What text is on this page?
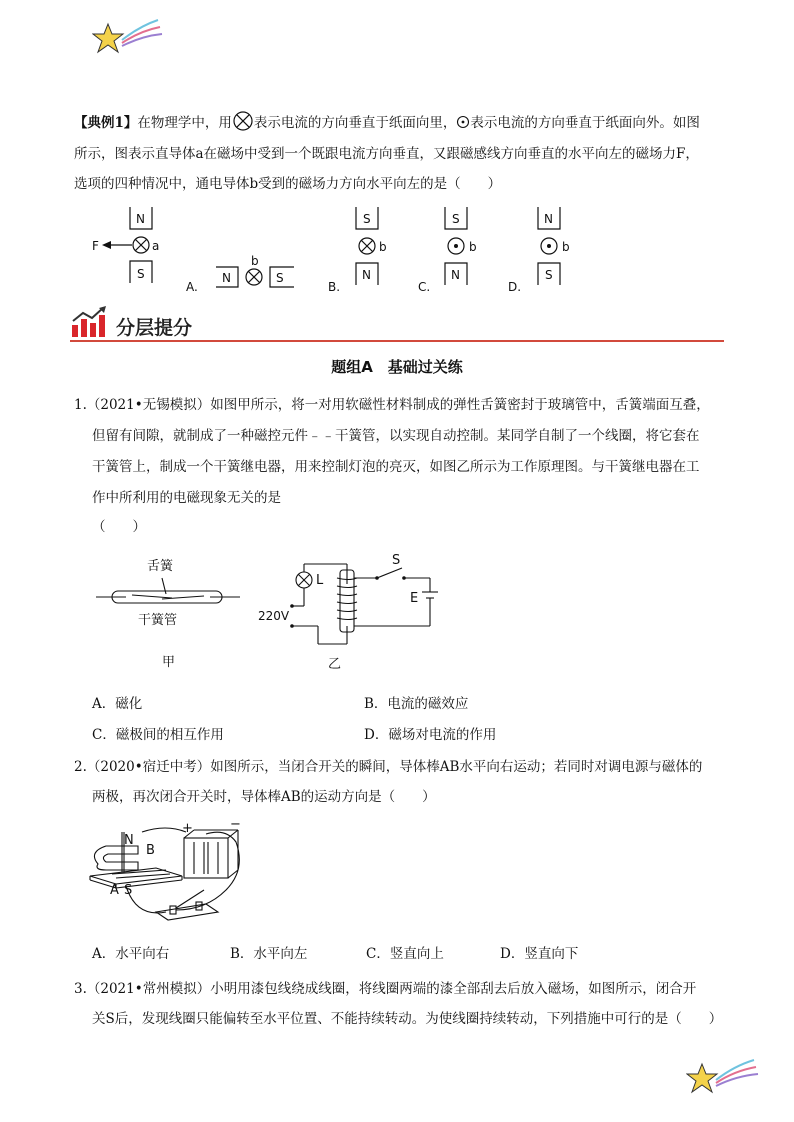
【典例1】在物理学中，用 表示电流的方向垂直于纸面向里， 表示电流的方向垂直于纸面向外。如图
所示，图表示直导体a在磁场中受到一个既跟电流方向垂直，又跟磁感线方向垂直的水平向左的磁场力F，
选项的四种情况中，通电导体b受到的磁场力方向水平向左的是（　　）
N
S
F	a
A.
N
b
S
B.
S
b
N
C.
S
b
N
D.
N
b
S
分层提分
题组A　基础过关练
1.（2021•无锡模拟）如图甲所示，将一对用软磁性材料制成的弹性舌簧密封于玻璃管中，舌簧端面互叠，
但留有间隙，就制成了一种磁控元件﹣﹣干簧管，以实现自动控制。某同学自制了一个线圈，将它套在
干簧管上，制成一个干簧继电器，用来控制灯泡的亮灭，如图乙所示为工作原理图。与干簧继电器在工
作中所利用的电磁现象无关的是
（　　）
舌簧
干簧管
甲
L
S
E
220V
乙
A．磁化	B．电流的磁效应
C．磁极间的相互作用	D．磁场对电流的作用
2.（2020•宿迁中考）如图所示，当闭合开关的瞬间，导体棒AB水平向右运动；若同时对调电源与磁体的
两极，再次闭合开关时，导体棒AB的运动方向是（　　）
N
B
A S
+	−
A．水平向右	B．水平向左	C．竖直向上	D．竖直向下
3.（2021•常州模拟）小明用漆包线绕成线圈，将线圈两端的漆全部刮去后放入磁场，如图所示，闭合开
关S后，发现线圈只能偏转至水平位置、不能持续转动。为使线圈持续转动，下列措施中可行的是（　　）
